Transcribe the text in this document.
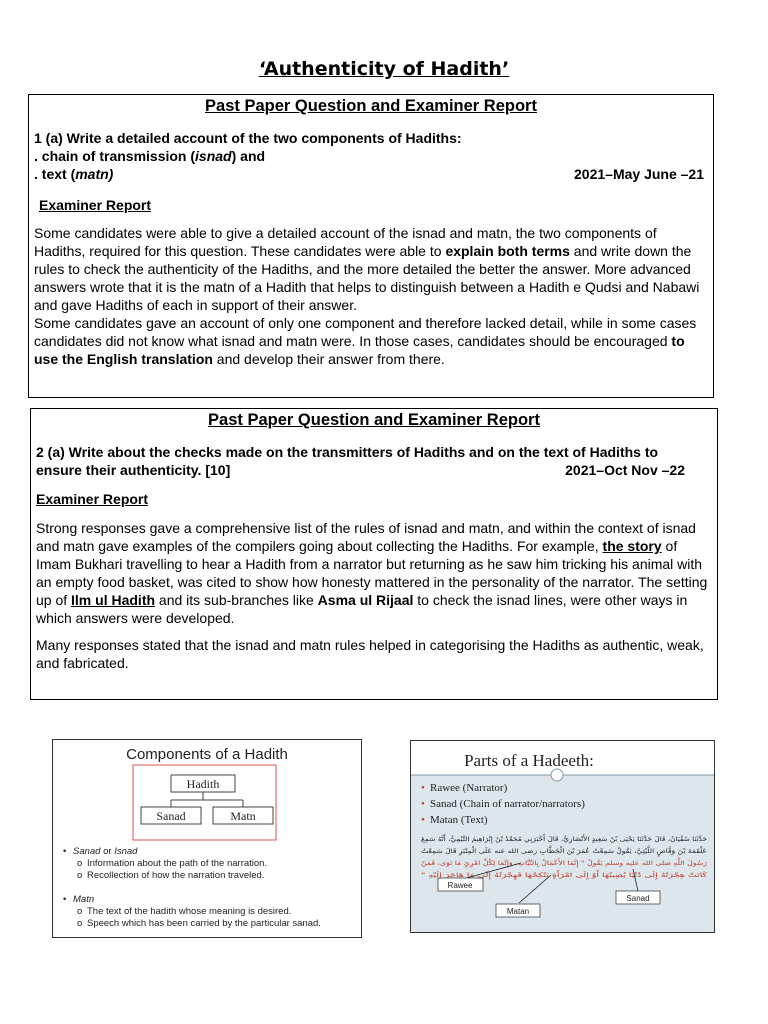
‘Authenticity of Hadith’
Past Paper Question and Examiner Report
1 (a) Write a detailed account of the two components of Hadiths:
. chain of transmission (isnad) and
. text (matn)	2021–May June –21
Examiner Report
Some candidates were able to give a detailed account of the isnad and matn, the two components of Hadiths, required for this question. These candidates were able to explain both terms and write down the rules to check the authenticity of the Hadiths, and the more detailed the better the answer. More advanced answers wrote that it is the matn of a Hadith that helps to distinguish between a Hadith e Qudsi and Nabawi and gave Hadiths of each in support of their answer.
Some candidates gave an account of only one component and therefore lacked detail, while in some cases candidates did not know what isnad and matn were. In those cases, candidates should be encouraged to use the English translation and develop their answer from there.
Past Paper Question and Examiner Report
2 (a) Write about the checks made on the transmitters of Hadiths and on the text of Hadiths to
ensure their authenticity. [10]	2021–Oct Nov –22
Examiner Report
Strong responses gave a comprehensive list of the rules of isnad and matn, and within the context of isnad and matn gave examples of the compilers going about collecting the Hadiths. For example, the story of Imam Bukhari travelling to hear a Hadith from a narrator but returning as he saw him tricking his animal with an empty food basket, was cited to show how honesty mattered in the personality of the narrator. The setting up of Ilm ul Hadith and its sub-branches like Asma ul Rijaal to check the isnad lines, were other ways in which answers were developed.
Many responses stated that the isnad and matn rules helped in categorising the Hadiths as authentic, weak, and fabricated.
Components of a Hadith
Hadith
Sanad	Matn
• Sanad or Isnad
o Information about the path of the narration.
o Recollection of how the narration traveled.
• Matn
o The text of the hadith whose meaning is desired.
o Speech which has been carried by the particular sanad.
Parts of a Hadeeth:
• Rawee (Narrator)
• Sanad (Chain of narrator/narrators)
• Matan (Text)
حَدَّثَنَا سُفْيَانُ، قَالَ حَدَّثَنَا يَحْيَى بْنُ سَعِيدٍ الأَنْصَارِيُّ، قَالَ أَخْبَرَنِي مُحَمَّدُ بْنُ إِبْرَاهِيمَ التَّيْمِيُّ، أَنَّهُ سَمِعَ
عَلْقَمَةَ بْنَ وَقَّاصٍ اللَّيْثِيَّ، يَقُولُ سَمِعْتُ عُمَرَ بْنَ الْخَطَّابِ رضى الله عنه عَلَى الْمِنْبَرِ قَالَ سَمِعْتُ
رَسُولَ اللَّهِ صلى الله عليه وسلم يَقُولُ ‏"‏ إِنَّمَا الأَعْمَالُ بِالنِّيَّاتِ، وَإِنَّمَا لِكُلِّ امْرِئٍ مَا نَوَى، فَمَنْ
كَانَتْ هِجْرَتُهُ إِلَى دُنْيَا يُصِيبُهَا أَوْ إِلَى امْرَأَةٍ يَنْكِحُهَا فَهِجْرَتُهُ إِلَى مَا هَاجَرَ إِلَيْهِ ‏"
Rawee
Sanad
Matan
